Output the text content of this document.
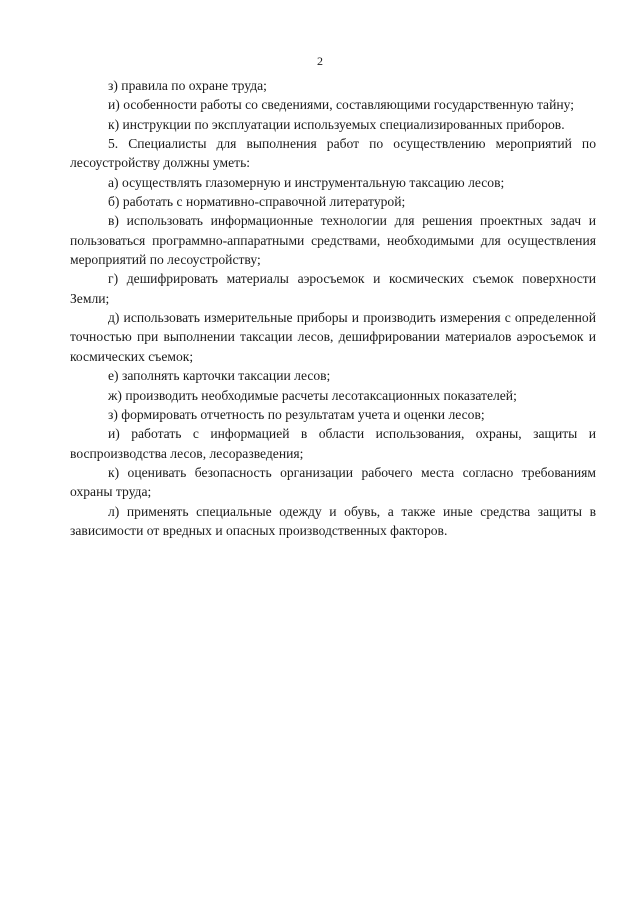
2

з) правила по охране труда;

и) особенности работы со сведениями, составляющими государственную тайну;

к) инструкции по эксплуатации используемых специализированных приборов.

5. Специалисты для выполнения работ по осуществлению мероприятий по лесоустройству должны уметь:

а) осуществлять глазомерную и инструментальную таксацию лесов;

б) работать с нормативно-справочной литературой;

в) использовать информационные технологии для решения проектных задач и пользоваться программно-аппаратными средствами, необходимыми для осуществления мероприятий по лесоустройству;

г) дешифрировать материалы аэросъемок и космических съемок поверхности Земли;

д) использовать измерительные приборы и производить измерения с определенной точностью при выполнении таксации лесов, дешифрировании материалов аэросъемок и космических съемок;

е) заполнять карточки таксации лесов;

ж) производить необходимые расчеты лесотаксационных показателей;

з) формировать отчетность по результатам учета и оценки лесов;

и) работать с информацией в области использования, охраны, защиты и воспроизводства лесов, лесоразведения;

к) оценивать безопасность организации рабочего места согласно требованиям охраны труда;

л) применять специальные одежду и обувь, а также иные средства защиты в зависимости от вредных и опасных производственных факторов.
